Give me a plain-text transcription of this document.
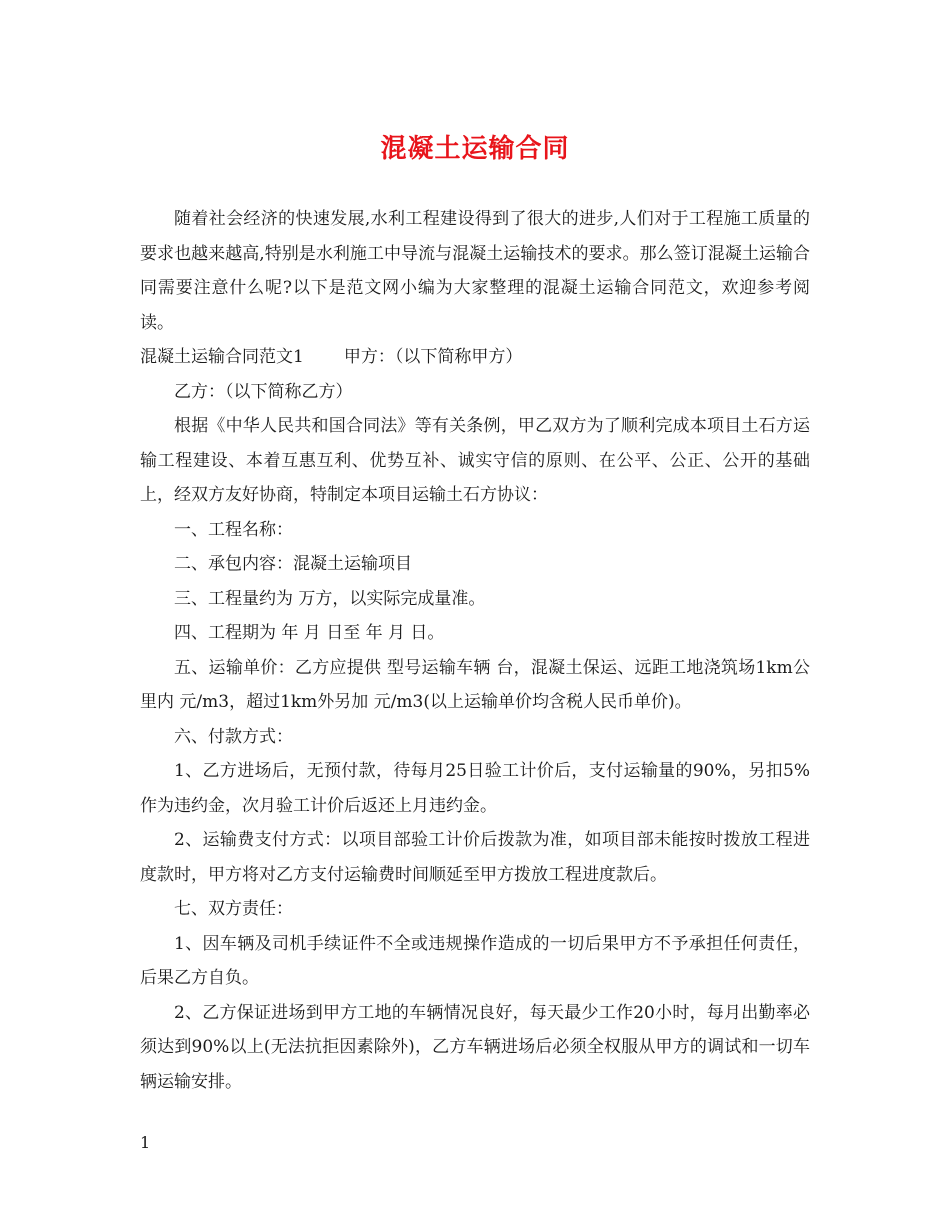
混凝土运输合同

随着社会经济的快速发展,水利工程建设得到了很大的进步,人们对于工程施工质量的要求也越来越高,特别是水利施工中导流与混凝土运输技术的要求。那么签订混凝土运输合同需要注意什么呢?以下是范文网小编为大家整理的混凝土运输合同范文，欢迎参考阅读。

混凝土运输合同范文1 甲方：（以下简称甲方）

乙方：（以下简称乙方）

根据《中华人民共和国合同法》等有关条例，甲乙双方为了顺利完成本项目土石方运输工程建设、本着互惠互利、优势互补、诚实守信的原则、在公平、公正、公开的基础上，经双方友好协商，特制定本项目运输土石方协议：

一、工程名称：

二、承包内容：混凝土运输项目

三、工程量约为 万方，以实际完成量准。

四、工程期为 年 月 日至 年 月 日。

五、运输单价：乙方应提供 型号运输车辆 台，混凝土保运、远距工地浇筑场1km公里内 元/m3，超过1km外另加 元/m3(以上运输单价均含税人民币单价)。

六、付款方式：

1、乙方进场后，无预付款，待每月25日验工计价后，支付运输量的90%，另扣5%作为违约金，次月验工计价后返还上月违约金。

2、运输费支付方式：以项目部验工计价后拨款为准，如项目部未能按时拨放工程进度款时，甲方将对乙方支付运输费时间顺延至甲方拨放工程进度款后。

七、双方责任：

1、因车辆及司机手续证件不全或违规操作造成的一切后果甲方不予承担任何责任，后果乙方自负。

2、乙方保证进场到甲方工地的车辆情况良好，每天最少工作20小时，每月出勤率必须达到90%以上(无法抗拒因素除外)，乙方车辆进场后必须全权服从甲方的调试和一切车辆运输安排。

1
